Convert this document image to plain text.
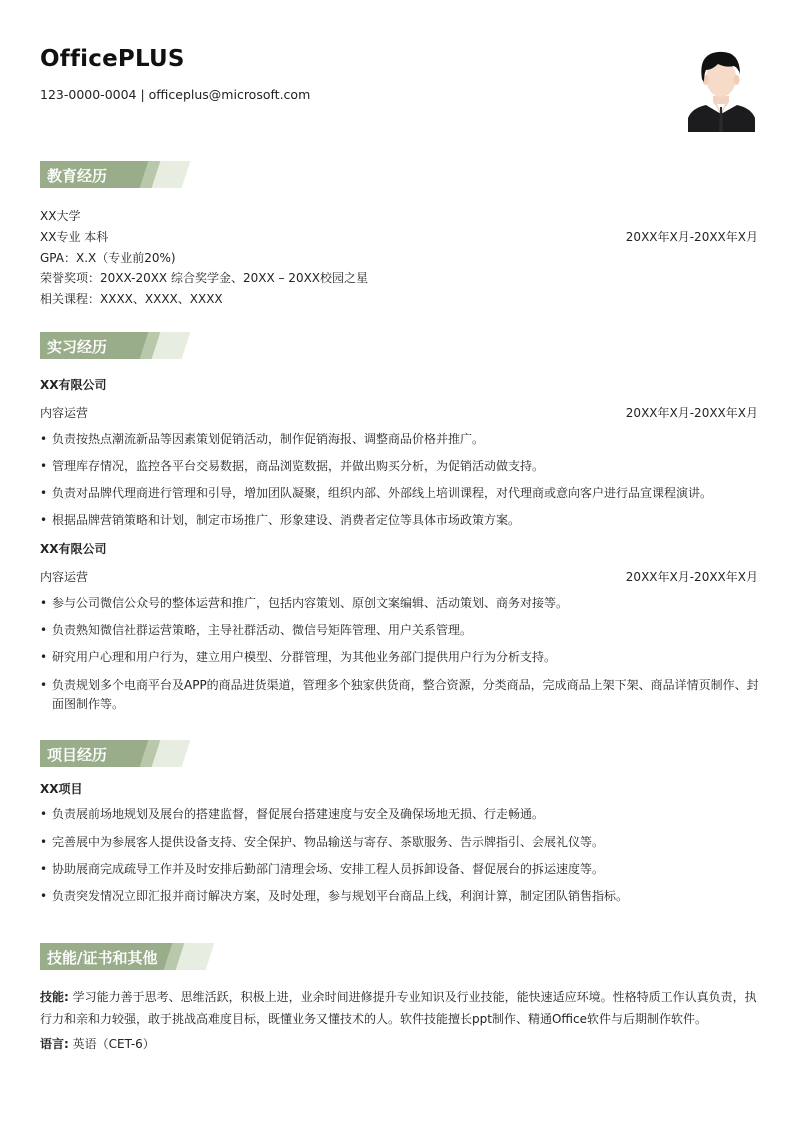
OfficePLUS
123-0000-0004 | officeplus@microsoft.com
教育经历
XX大学
XX专业 本科	20XX年X月-20XX年X月
GPA：X.X（专业前20%)
荣誉奖项：20XX-20XX 综合奖学金、20XX – 20XX校园之星
相关课程：XXXX、XXXX、XXXX
实习经历
XX有限公司
内容运营	20XX年X月-20XX年X月
• 负责按热点潮流新品等因素策划促销活动，制作促销海报、调整商品价格并推广。
• 管理库存情况，监控各平台交易数据，商品浏览数据，并做出购买分析，为促销活动做支持。
• 负责对品牌代理商进行管理和引导，增加团队凝聚，组织内部、外部线上培训课程，对代理商或意向客户进行品宣课程演讲。
• 根据品牌营销策略和计划，制定市场推广、形象建设、消费者定位等具体市场政策方案。
XX有限公司
内容运营	20XX年X月-20XX年X月
• 参与公司微信公众号的整体运营和推广，包括内容策划、原创文案编辑、活动策划、商务对接等。
• 负责熟知微信社群运营策略，主导社群活动、微信号矩阵管理、用户关系管理。
• 研究用户心理和用户行为，建立用户模型、分群管理，为其他业务部门提供用户行为分析支持。
• 负责规划多个电商平台及APP的商品进货渠道，管理多个独家供货商，整合资源，分类商品，完成商品上架下架、商品详情页制作、封面图制作等。
项目经历
XX项目
• 负责展前场地规划及展台的搭建监督，督促展台搭建速度与安全及确保场地无损、行走畅通。
• 完善展中为参展客人提供设备支持、安全保护、物品输送与寄存、茶歇服务、告示牌指引、会展礼仪等。
• 协助展商完成疏导工作并及时安排后勤部门清理会场、安排工程人员拆卸设备、督促展台的拆运速度等。
• 负责突发情况立即汇报并商讨解决方案，及时处理，参与规划平台商品上线，利润计算，制定团队销售指标。
技能/证书和其他
技能: 学习能力善于思考、思维活跃，积极上进，业余时间进修提升专业知识及行业技能，能快速适应环境。性格特质工作认真负责，执行力和亲和力较强，敢于挑战高难度目标，既懂业务又懂技术的人。软件技能擅长ppt制作、精通Office软件与后期制作软件。
语言: 英语（CET-6）
